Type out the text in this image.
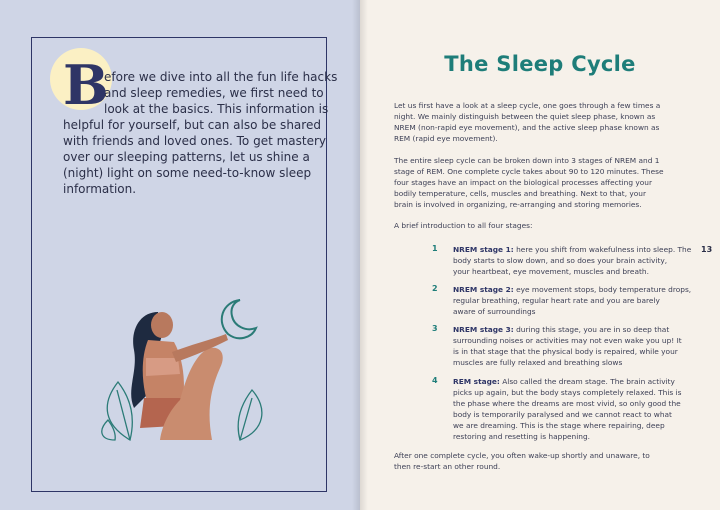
B
efore we dive into all the fun life hacks
and sleep remedies, we first need to
look at the basics. This information is
helpful for yourself, but can also be shared
with friends and loved ones. To get mastery
over our sleeping patterns, let us shine a
(night) light on some need-to-know sleep
information.
The Sleep Cycle
Let us first have a look at a sleep cycle, one goes through a few times a
night. We mainly distinguish between the quiet sleep phase, known as
NREM (non-rapid eye movement), and the active sleep phase known as
REM (rapid eye movement).
The entire sleep cycle can be broken down into 3 stages of NREM and 1
stage of REM. One complete cycle takes about 90 to 120 minutes. These
four stages have an impact on the biological processes affecting your
bodily temperature, cells, muscles and breathing. Next to that, your
brain is involved in organizing, re-arranging and storing memories.
A brief introduction to all four stages:
1 NREM stage 1: here you shift from wakefulness into sleep. The
body starts to slow down, and so does your brain activity,
your heartbeat, eye movement, muscles and breath.
2 NREM stage 2: eye movement stops, body temperature drops,
regular breathing, regular heart rate and you are barely
aware of surroundings
3 NREM stage 3: during this stage, you are in so deep that
surrounding noises or activities may not even wake you up! It
is in that stage that the physical body is repaired, while your
muscles are fully relaxed and breathing slows
4 REM stage: Also called the dream stage. The brain activity
picks up again, but the body stays completely relaxed. This is
the phase where the dreams are most vivid, so only good the
body is temporarily paralysed and we cannot react to what
we are dreaming. This is the stage where repairing, deep
restoring and resetting is happening.
After one complete cycle, you often wake-up shortly and unaware, to
then re-start an other round.
13
